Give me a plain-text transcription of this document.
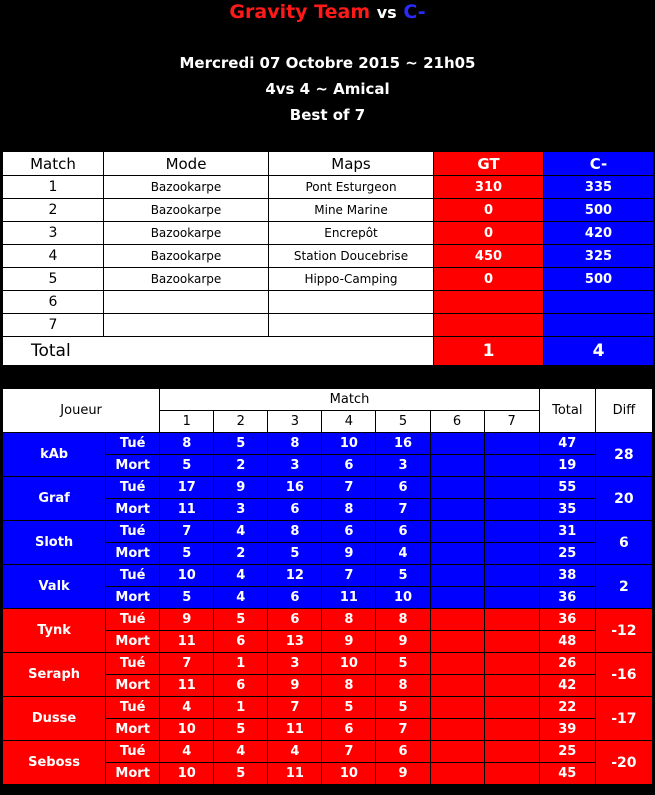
Gravity Team vs C-
Mercredi 07 Octobre 2015 ~ 21h05
4vs 4 ~ Amical
Best of 7
Match	Mode	Maps	GT	C-
1	Bazookarpe	Pont Esturgeon	310	335
2	Bazookarpe	Mine Marine	0	500
3	Bazookarpe	Encrepôt	0	420
4	Bazookarpe	Station Doucebrise	450	325
5	Bazookarpe	Hippo-Camping	0	500
6				
7				
Total			1	4
Joueur		Match							Total	Diff
		1	2	3	4	5	6	7		
kAb	Tué	8	5	8	10	16			47	28
	Mort	5	2	3	6	3			19	
Graf	Tué	17	9	16	7	6			55	20
	Mort	11	3	6	8	7			35	
Sloth	Tué	7	4	8	6	6			31	6
	Mort	5	2	5	9	4			25	
Valk	Tué	10	4	12	7	5			38	2
	Mort	5	4	6	11	10			36	
Tynk	Tué	9	5	6	8	8			36	-12
	Mort	11	6	13	9	9			48	
Seraph	Tué	7	1	3	10	5			26	-16
	Mort	11	6	9	8	8			42	
Dusse	Tué	4	1	7	5	5			22	-17
	Mort	10	5	11	6	7			39	
Seboss	Tué	4	4	4	7	6			25	-20
	Mort	10	5	11	10	9			45	
